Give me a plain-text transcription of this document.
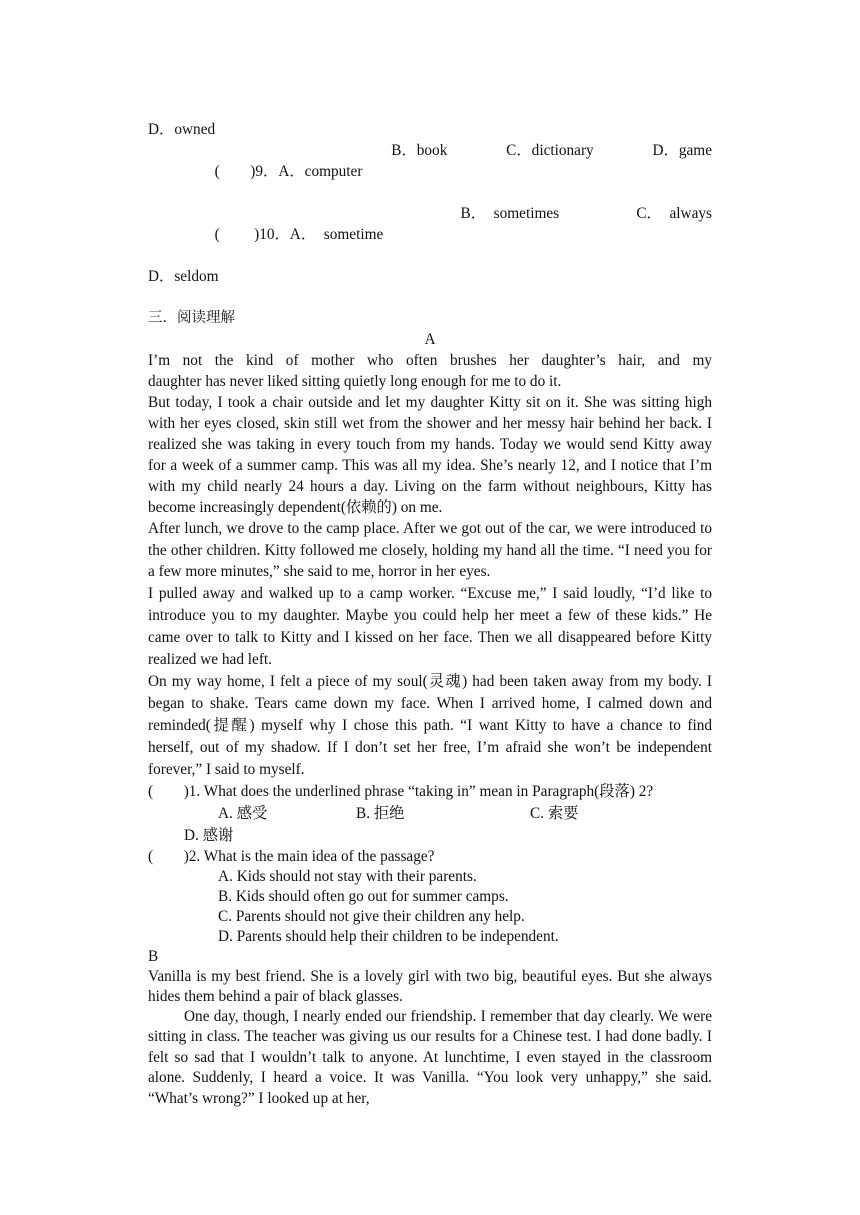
D．owned

(　　)9．A．computer

B．book	C．dictionary	D．game

(　　 )10．A．  sometime

B．  sometimes	C．  always
D．seldom
三．阅读理解
A
I’m not the kind of mother who often brushes her daughter’s hair, and my
daughter has never liked sitting quietly long enough for me to do it.

But today, I took a chair outside and let my daughter Kitty sit on it. She was sitting high with her eyes closed, skin still wet from the shower and her messy hair behind her back. I realized she was taking in every touch from my hands. Today we would send Kitty away for a week of a summer camp. This was all my idea. She’s nearly 12, and I notice that I’m with my child nearly 24 hours a day. Living on the farm without neighbours, Kitty has become increasingly dependent(依赖的) on me.

After lunch, we drove to the camp place. After we got out of the car, we were introduced to the other children. Kitty followed me closely, holding my hand all the time. “I need you for a few more minutes,” she said to me, horror in her eyes.

I pulled away and walked up to a camp worker. “Excuse me,” I said loudly, “I’d like to introduce you to my daughter. Maybe you could help her meet a few of these kids.” He came over to talk to Kitty and I kissed on her face. Then we all disappeared before Kitty realized we had left.

On my way home, I felt a piece of my soul(灵魂) had been taken away from my body. I began to shake. Tears came down my face. When I arrived home, I calmed down and reminded(提醒) myself why I chose this path. “I want Kitty to have a chance to find herself, out of my shadow. If I don’t set her free, I’m afraid she won’t be independent forever,” I said to myself.

(　　)1. What does the underlined phrase “taking in” mean in Paragraph(段落) 2?

A. 感受	B. 拒绝	C. 索要
D. 感谢
(　　)2. What is the main idea of the passage?
A. Kids should not stay with their parents.
B. Kids should often go out for summer camps.
C. Parents should not give their children any help.
D. Parents should help their children to be independent.
B

Vanilla is my best friend. She is a lovely girl with two big, beautiful eyes. But she always hides them behind a pair of black glasses.

One day, though, I nearly ended our friendship. I remember that day clearly. We were sitting in class. The teacher was giving us our results for a Chinese test. I had done badly. I felt so sad that I wouldn’t talk to anyone. At lunchtime, I even stayed in the classroom alone. Suddenly, I heard a voice. It was Vanilla. “You look very unhappy,” she said. “What’s wrong?” I looked up at her,
